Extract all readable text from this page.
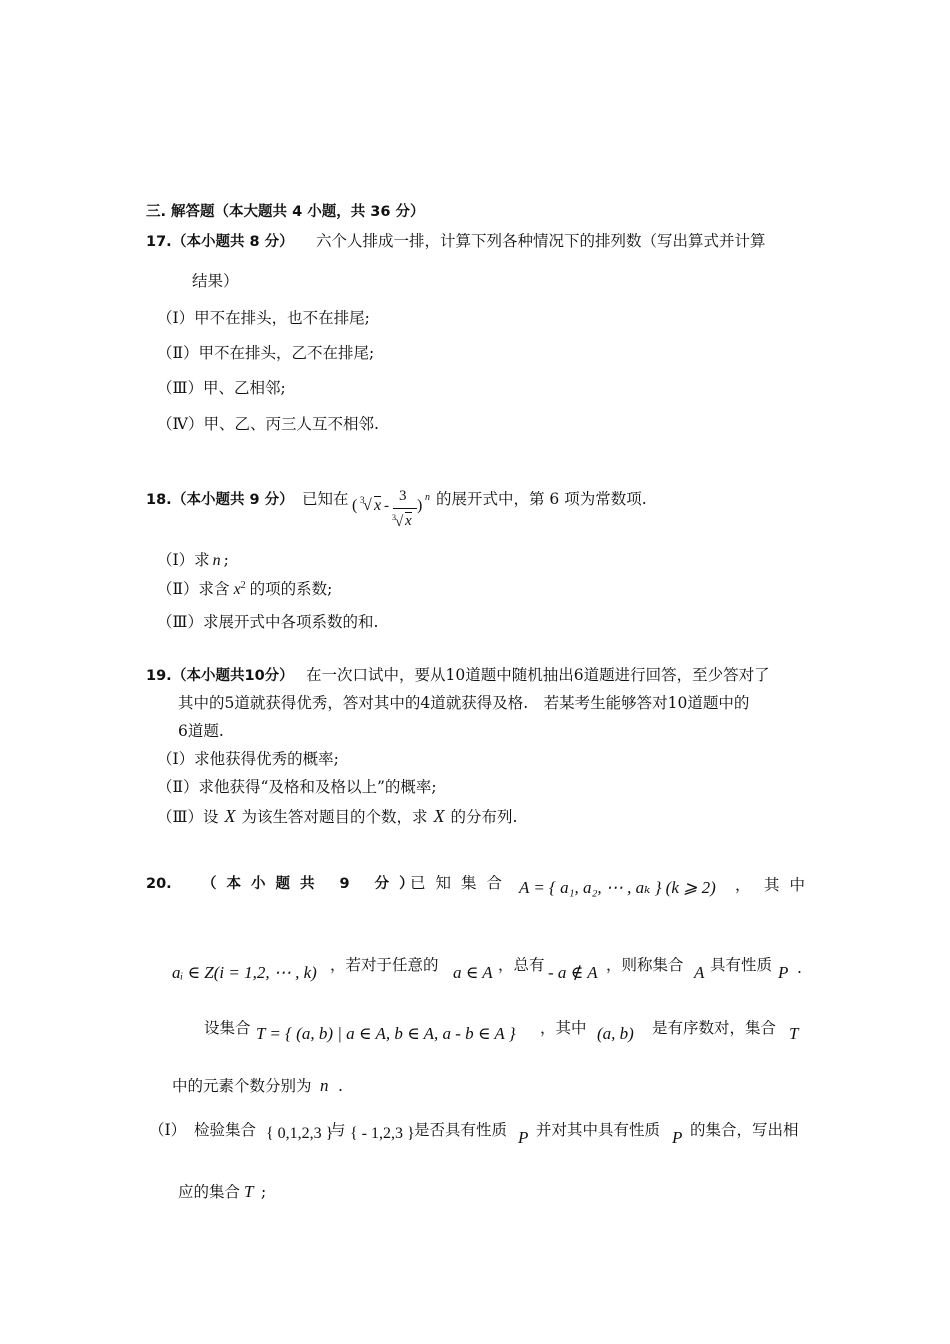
三. 解答题（本大题共 4 小题，共 36 分）
17. （本小题共 8 分） 六个人排成一排，计算下列各种情况下的排列数（写出算式并计算
结果）
（Ⅰ）甲不在排头，也不在排尾;
（Ⅱ）甲不在排头，乙不在排尾;
（Ⅲ）甲、乙相邻;
（Ⅳ）甲、乙、丙三人互不相邻.
18. （本小题共 9 分） 已知在 ( 3
√ x -
3
3 √ x
) n 的展开式中，第 6 项为常数项.
（Ⅰ）求 n ;
（Ⅱ）求含 $x^2$ 的项的系数;
（Ⅲ）求展开式中各项系数的和.
19. （本小题共10分） 在一次口试中，要从10道题中随机抽出6道题进行回答，至少答对了
其中的5道就获得优秀，答对其中的4道就获得及格.　若某考生能够答对10道题中的
6道题.
（Ⅰ）求他获得优秀的概率;
（Ⅱ）求他获得“及格和及格以上”的概率;
（Ⅲ）设 X 为该生答对题目的个数，求 X 的分布列.
20. （本小题共 9 分）
已知集合 A = { a₁, a₂, ⋯ , aₖ } (k ⩾ 2) ， 其中
aᵢ ∈ Z(i = 1,2, ⋯ , k) ，若对于任意的 a ∈ A ，总有 - a ∉ A ，则称集合 A 具有性质 P .
设集合 T = { (a, b) | a ∈ A, b ∈ A, a - b ∈ A } ，其中 (a, b) 是有序数对，集合 T
中的元素个数分别为 n .
（Ⅰ） 检验集合 { 0,1,2,3 }
与 { - 1,2,3 } 是否具有性质 P 并对其中具有性质 P 的集合，写出相
应的集合 T ;
